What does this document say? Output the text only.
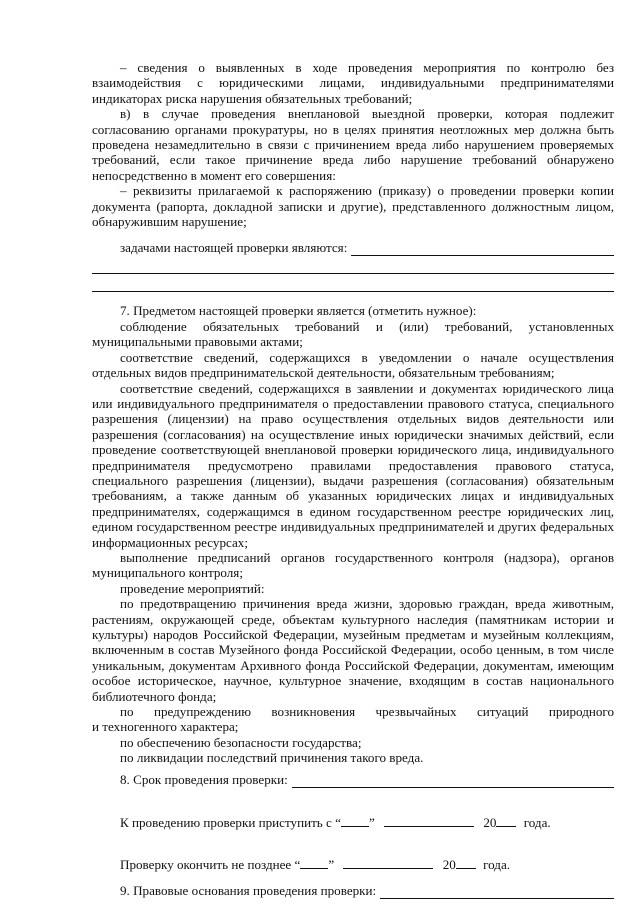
– сведения о выявленных в ходе проведения мероприятия по контролю без

взаимодействия с юридическими лицами, индивидуальными предпринимателями

индикаторах риска нарушения обязательных требований;

в) в случае проведения внеплановой выездной проверки, которая подлежит

согласованию органами прокуратуры, но в целях принятия неотложных мер должна быть проведена незамедлительно в связи с причинением вреда либо нарушением проверяемых требований, если такое причинение вреда либо нарушение требований обнаружено непосредственно в момент его совершения:

– реквизиты прилагаемой к распоряжению (приказу) о проведении проверки копии

документа (рапорта, докладной записки и другие), представленного должностным лицом, обнаружившим нарушение;

задачами настоящей проверки являются:

7. Предметом настоящей проверки является (отметить нужное):

соблюдение обязательных требований и (или) требований, установленных

муниципальными правовыми актами;

соответствие сведений, содержащихся в уведомлении о начале осуществления отдельных видов предпринимательской деятельности, обязательным требованиям;

соответствие сведений, содержащихся в заявлении и документах юридического лица или индивидуального предпринимателя о предоставлении правового статуса, специального разрешения (лицензии) на право осуществления отдельных видов деятельности или разрешения (согласования) на осуществление иных юридически значимых действий, если проведение соответствующей внеплановой проверки юридического лица, индивидуального предпринимателя предусмотрено правилами предоставления правового статуса, специального разрешения (лицензии), выдачи разрешения (согласования) обязательным требованиям, а также данным об указанных юридических лицах и индивидуальных предпринимателях, содержащимся в едином государственном реестре юридических лиц, едином государственном реестре индивидуальных предпринимателей и других федеральных информационных ресурсах;

выполнение предписаний органов государственного контроля (надзора), органов муниципального контроля;

проведение мероприятий:

по предотвращению причинения вреда жизни, здоровью граждан, вреда животным, растениям, окружающей среде, объектам культурного наследия (памятникам истории и культуры) народов Российской Федерации, музейным предметам и музейным коллекциям, включенным в состав Музейного фонда Российской Федерации, особо ценным, в том числе уникальным, документам Архивного фонда Российской Федерации, документам, имеющим особое историческое, научное, культурное значение, входящим в состав национального библиотечного фонда;

по предупреждению возникновения чрезвычайных ситуаций природного

и техногенного характера;

по обеспечению безопасности государства;

по ликвидации последствий причинения такого вреда.

8. Срок проведения проверки:

К проведению проверки приступить с “ ”	20 года.

Проверку окончить не позднее “ ”	20 года.

9. Правовые основания проведения проверки:
